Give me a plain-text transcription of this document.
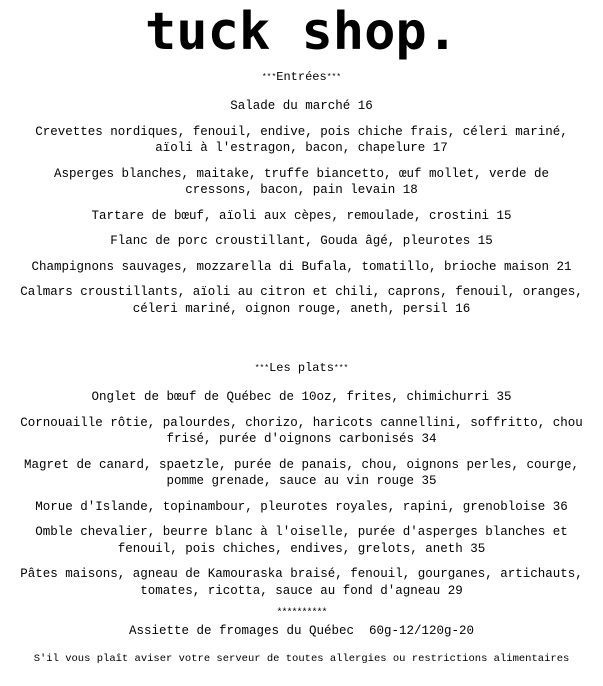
tuck shop.
***Entrées***
Salade du marché 16
Crevettes nordiques, fenouil, endive, pois chiche frais, céleri mariné, aïoli à l'estragon, bacon, chapelure 17
Asperges blanches, maitake, truffe biancetto, œuf mollet, verde de cressons, bacon, pain levain 18
Tartare de bœuf, aïoli aux cèpes, remoulade, crostini 15
Flanc de porc croustillant, Gouda âgé, pleurotes 15
Champignons sauvages, mozzarella di Bufala, tomatillo, brioche maison 21
Calmars croustillants, aïoli au citron et chili, caprons, fenouil, oranges, céleri mariné, oignon rouge, aneth, persil 16
***Les plats***
Onglet de bœuf de Québec de 10oz, frites, chimichurri 35
Cornouaille rôtie, palourdes, chorizo, haricots cannellini, soffritto, chou frisé, purée d'oignons carbonisés 34
Magret de canard, spaetzle, purée de panais, chou, oignons perles, courge, pomme grenade, sauce au vin rouge 35
Morue d'Islande, topinambour, pleurotes royales, rapini, grenobloise 36
Omble chevalier, beurre blanc à l'oiselle, purée d'asperges blanches et fenouil, pois chiches, endives, grelots, aneth 35
Pâtes maisons, agneau de Kamouraska braisé, fenouil, gourganes, artichauts, tomates, ricotta, sauce au fond d'agneau 29
**********
Assiette de fromages du Québec  60g-12/120g-20
S'il vous plaît aviser votre serveur de toutes allergies ou restrictions alimentaires
